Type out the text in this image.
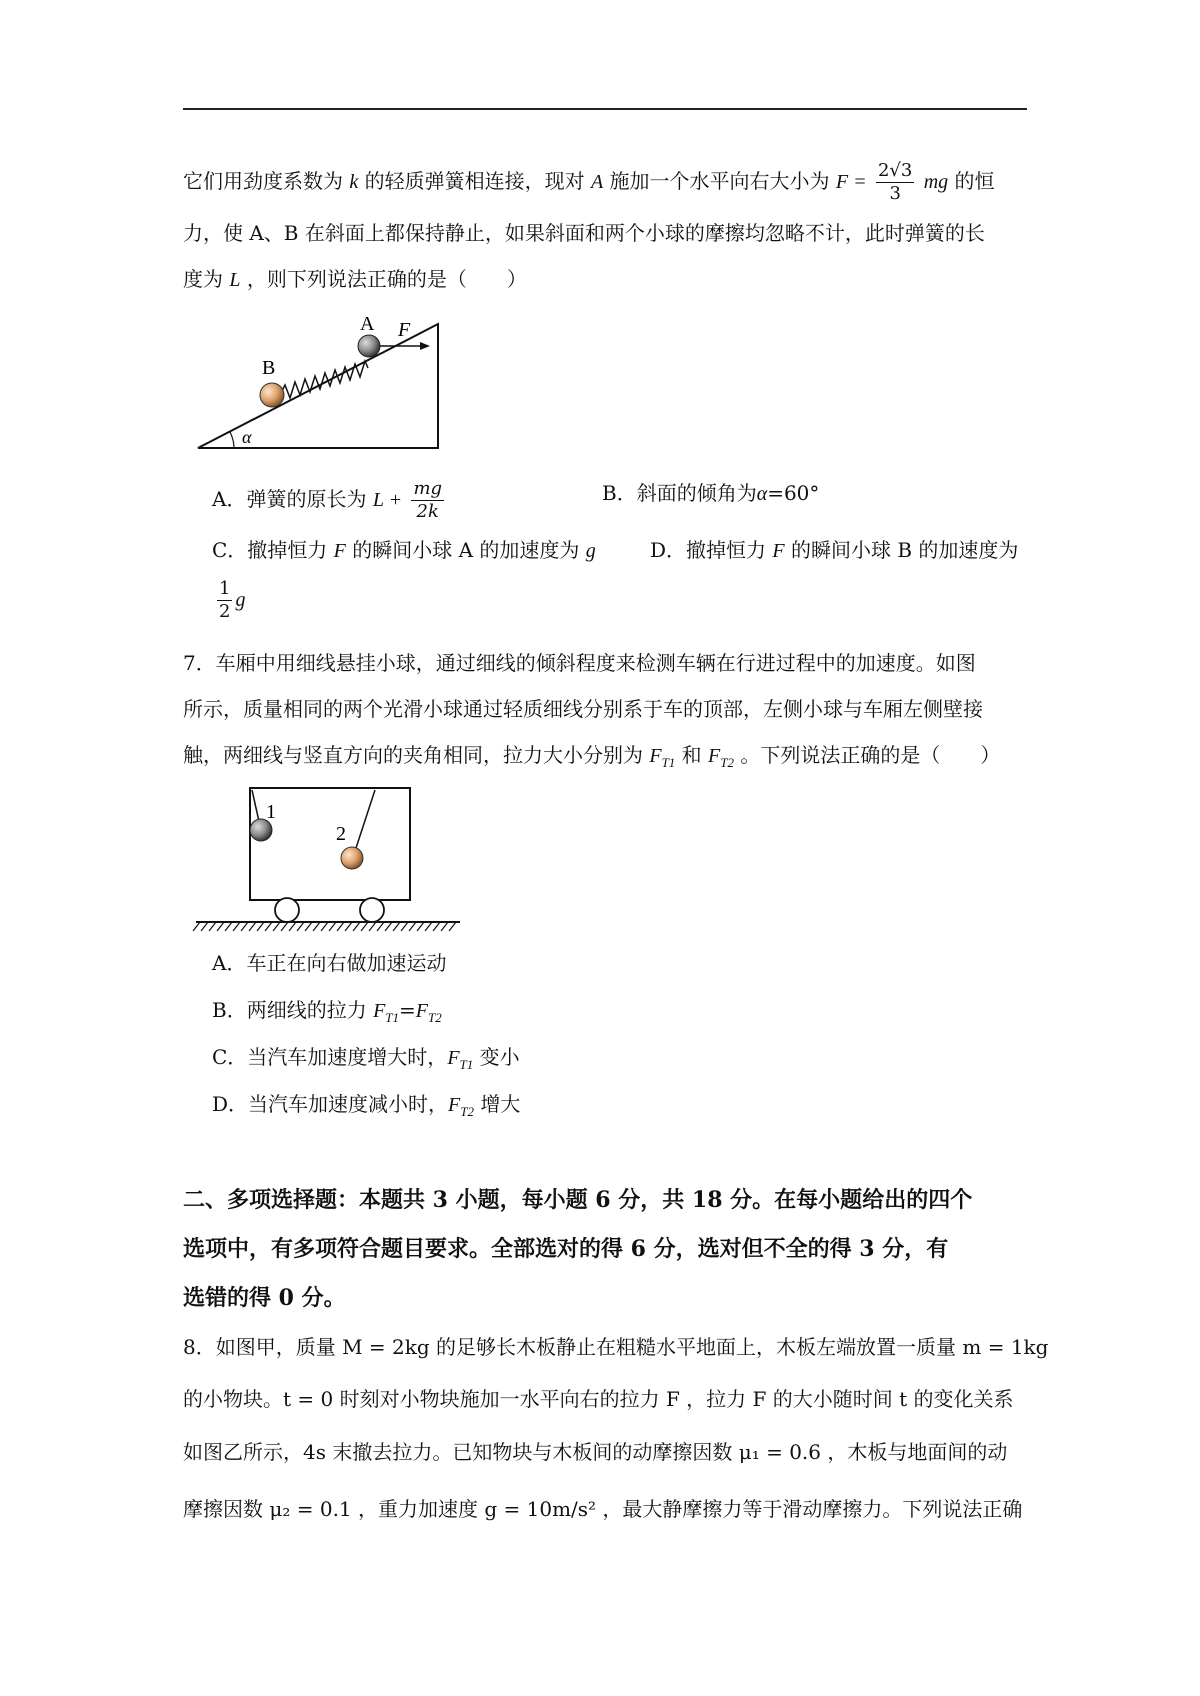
它们用劲度系数为 k 的轻质弹簧相连接，现对 A 施加一个水平向右大小为 $F = \frac{2√3}{3}$ mg 的恒
力，使 A、B 在斜面上都保持静止，如果斜面和两个小球的摩擦均忽略不计，此时弹簧的长
度为 L ，则下列说法正确的是（　　）
α
A
B
F
A．弹簧的原长为 $L + \frac{mg}{2k}$	B．斜面的倾角为α=60°
C．撤掉恒力 F 的瞬间小球 A 的加速度为 g	D．撤掉恒力 F 的瞬间小球 B 的加速度为
$\frac{1}{2}$ g
7．车厢中用细线悬挂小球，通过细线的倾斜程度来检测车辆在行进过程中的加速度。如图
所示，质量相同的两个光滑小球通过轻质细线分别系于车的顶部，左侧小球与车厢左侧壁接
触，两细线与竖直方向的夹角相同，拉力大小分别为 $F_{T1}$ 和 $F_{T2}$ 。下列说法正确的是（　　）
1
2
A．车正在向右做加速运动
B．两细线的拉力 $F_{T1}=F_{T2}$
C．当汽车加速度增大时，$F_{T1}$ 变小
D．当汽车加速度减小时，$F_{T2}$ 增大
二、多项选择题：本题共 3 小题，每小题 6 分，共 18 分。在每小题给出的四个
选项中，有多项符合题目要求。全部选对的得 6 分，选对但不全的得 3 分，有
选错的得 0 分。
8．如图甲，质量 M = 2kg 的足够长木板静止在粗糙水平地面上，木板左端放置一质量 m = 1kg
的小物块。t = 0 时刻对小物块施加一水平向右的拉力 F ，拉力 F 的大小随时间 t 的变化关系
如图乙所示，4s 末撤去拉力。已知物块与木板间的动摩擦因数 μ₁ = 0.6 ，木板与地面间的动
摩擦因数 μ₂ = 0.1 ，重力加速度 g = 10m/s² ，最大静摩擦力等于滑动摩擦力。下列说法正确
